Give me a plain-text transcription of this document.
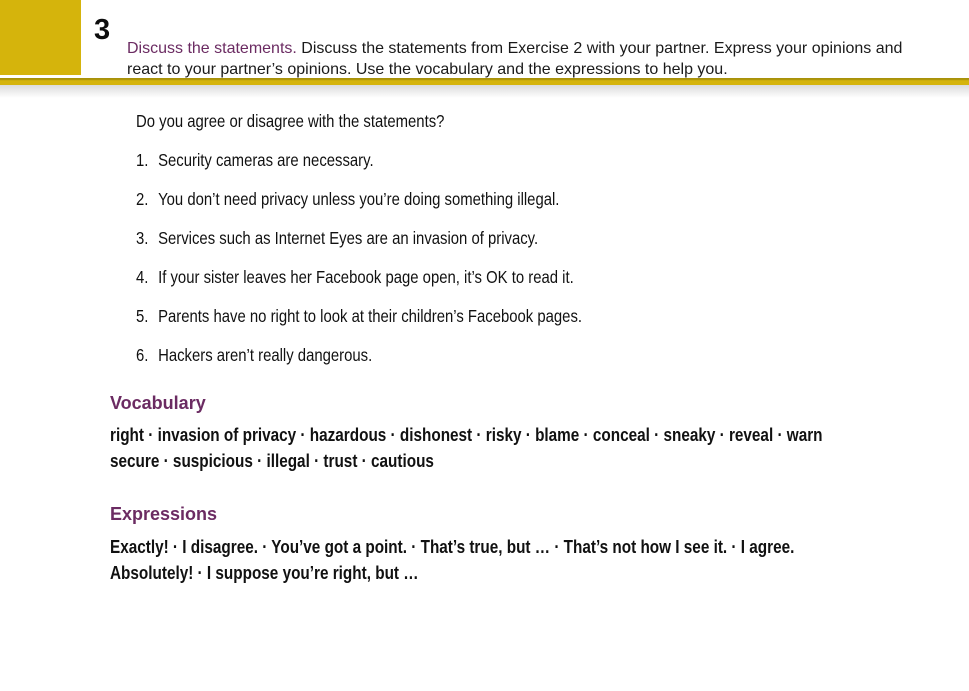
3

Discuss the statements. Discuss the statements from Exercise 2 with your partner. Express your opinions and react to your partner’s opinions. Use the vocabulary and the expressions to help you.

Do you agree or disagree with the statements?
1. Security cameras are necessary.
2. You don’t need privacy unless you’re doing something illegal.
3. Services such as Internet Eyes are an invasion of privacy.
4. If your sister leaves her Facebook page open, it’s OK to read it.
5. Parents have no right to look at their children’s Facebook pages.
6. Hackers aren’t really dangerous.
Vocabulary
right · invasion of privacy · hazardous · dishonest · risky · blame · conceal · sneaky · reveal · warn
secure · suspicious · illegal · trust · cautious
Expressions
Exactly! · I disagree. · You’ve got a point. · That’s true, but … · That’s not how I see it. · I agree.
Absolutely! · I suppose you’re right, but …
